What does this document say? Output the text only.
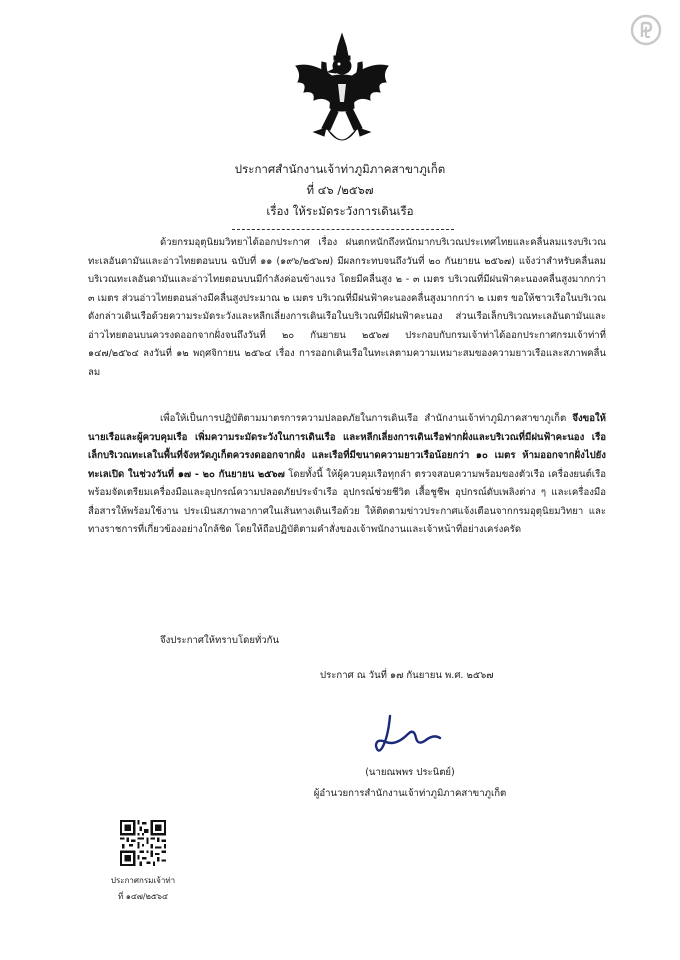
ประกาศสำนักงานเจ้าท่าภูมิภาคสาขาภูเก็ต
ที่ ๔๖ /๒๕๖๗
เรื่อง ให้ระมัดระวังการเดินเรือ
ด้วยกรมอุตุนิยมวิทยาได้ออกประกาศ เรื่อง ฝนตกหนักถึงหนักมากบริเวณประเทศไทยและคลื่นลมแรงบริเวณทะเลอันดามันและอ่าวไทยตอนบน ฉบับที่ ๑๑ (๑๙๖/๒๕๖๗) มีผลกระทบจนถึงวันที่ ๒๐ กันยายน ๒๕๖๗) แจ้งว่าสำหรับคลื่นลมบริเวณทะเลอันดามันและอ่าวไทยตอนบนมีกำลังค่อนข้างแรง โดยมีคลื่นสูง ๒ - ๓ เมตร บริเวณที่มีฝนฟ้าคะนองคลื่นสูงมากกว่า ๓ เมตร ส่วนอ่าวไทยตอนล่างมีคลื่นสูงประมาณ ๒ เมตร บริเวณที่มีฝนฟ้าคะนองคลื่นสูงมากกว่า ๒ เมตร ขอให้ชาวเรือในบริเวณดังกล่าวเดินเรือด้วยความระมัดระวังและหลีกเลี่ยงการเดินเรือในบริเวณที่มีฝนฟ้าคะนอง ส่วนเรือเล็กบริเวณทะเลอันดามันและอ่าวไทยตอนบนควรงดออกจากฝั่งจนถึงวันที่ ๒๐ กันยายน ๒๕๖๗ ประกอบกับกรมเจ้าท่าได้ออกประกาศกรมเจ้าท่าที่ ๑๔๗/๒๕๖๔ ลงวันที่ ๑๒ พฤศจิกายน ๒๕๖๔ เรื่อง การออกเดินเรือในทะเลตามความเหมาะสมของความยาวเรือและสภาพคลื่นลม
เพื่อให้เป็นการปฏิบัติตามมาตรการความปลอดภัยในการเดินเรือ สำนักงานเจ้าท่าภูมิภาคสาขาภูเก็ต จึงขอให้นายเรือและผู้ควบคุมเรือ เพิ่มความระมัดระวังในการเดินเรือ และหลีกเลี่ยงการเดินเรือฟากฝั่งและบริเวณที่มีฝนฟ้าคะนอง เรือเล็กบริเวณทะเลในพื้นที่จังหวัดภูเก็ตควรงดออกจากฝั่ง และเรือที่มีขนาดความยาวเรือน้อยกว่า ๑๐ เมตร ห้ามออกจากฝั่งไปยังทะเลเปิด ในช่วงวันที่ ๑๗ - ๒๐ กันยายน ๒๕๖๗ โดยทั้งนี้ ให้ผู้ควบคุมเรือทุกลำ ตรวจสอบความพร้อมของตัวเรือ เครื่องยนต์เรือ พร้อมจัดเตรียมเครื่องมือและอุปกรณ์ความปลอดภัยประจำเรือ อุปกรณ์ช่วยชีวิต เสื้อชูชีพ อุปกรณ์ดับเพลิงต่าง ๆ และเครื่องมือสื่อสารให้พร้อมใช้งาน ประเมินสภาพอากาศในเส้นทางเดินเรือด้วย ให้ติดตามข่าวประกาศแจ้งเตือนจากกรมอุตุนิยมวิทยา และทางราชการที่เกี่ยวข้องอย่างใกล้ชิด โดยให้ถือปฏิบัติตามคำสั่งของเจ้าพนักงานและเจ้าหน้าที่อย่างเคร่งครัด
จึงประกาศให้ทราบโดยทั่วกัน
ประกาศ ณ วันที่ ๑๗ กันยายน พ.ศ. ๒๕๖๗
(นายณพพร ประนิตย์)
ผู้อำนวยการสำนักงานเจ้าท่าภูมิภาคสาขาภูเก็ต
ประกาศกรมเจ้าท่า
ที่ ๑๔๗/๒๕๖๔
